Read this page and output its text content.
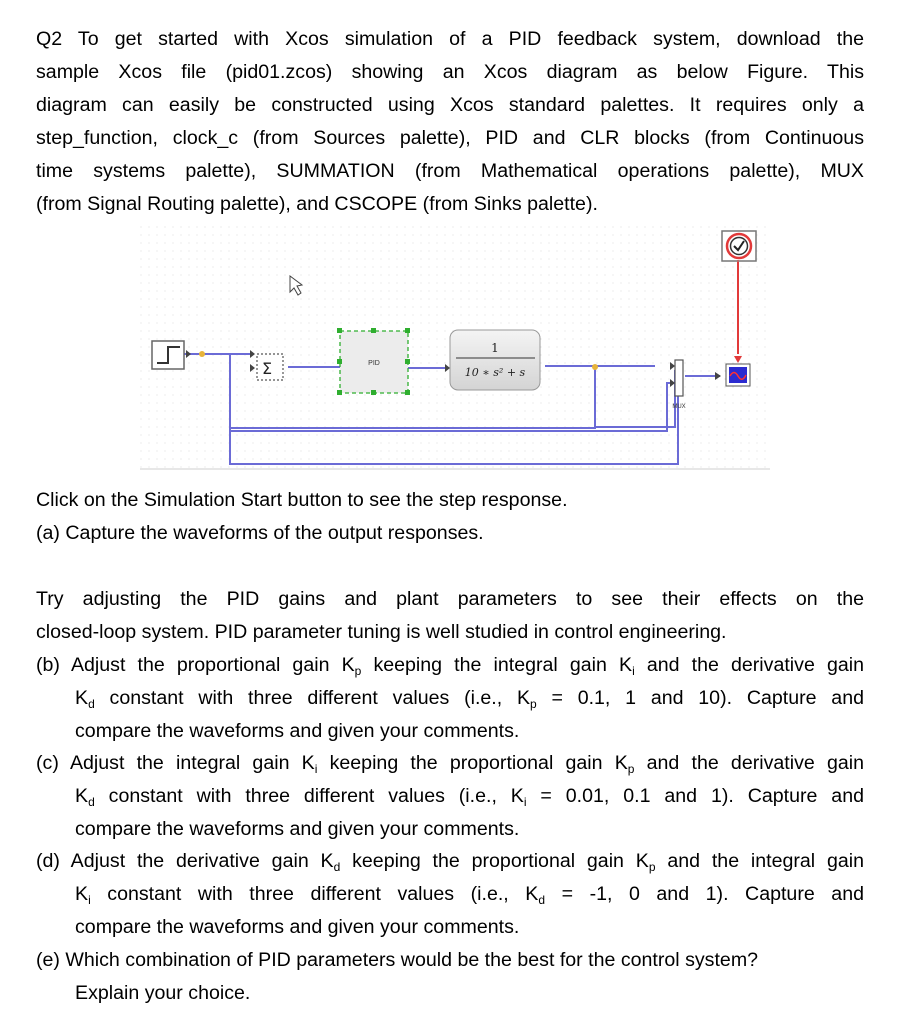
Q2 To get started with Xcos simulation of a PID feedback system, download the
sample Xcos file (pid01.zcos) showing an Xcos diagram as below Figure. This
diagram can easily be constructed using Xcos standard palettes. It requires only a
step_function, clock_c (from Sources palette), PID and CLR blocks (from Continuous
time systems palette), SUMMATION (from Mathematical operations palette), MUX
(from Signal Routing palette), and CSCOPE (from Sinks palette).
Σ	PID
1
10 ∗ s² + s
MUX
Click on the Simulation Start button to see the step response.
(a) Capture the waveforms of the output responses.
Try adjusting the PID gains and plant parameters to see their effects on the
closed-loop system. PID parameter tuning is well studied in control engineering.
(b) Adjust the proportional gain $K_p$ keeping the integral gain $K_i$ and the derivative gain
$K_d$ constant with three different values (i.e., $K_p = 0.1$, 1 and 10). Capture and
compare the waveforms and given your comments.
(c) Adjust the integral gain $K_i$ keeping the proportional gain $K_p$ and the derivative gain
$K_d$ constant with three different values (i.e., $K_i = 0.01$, 0.1 and 1). Capture and
compare the waveforms and given your comments.
(d) Adjust the derivative gain $K_d$ keeping the proportional gain $K_p$ and the integral gain
$K_i$ constant with three different values (i.e., $K_d = -1$, 0 and 1). Capture and
compare the waveforms and given your comments.
(e) Which combination of PID parameters would be the best for the control system?
Explain your choice.
